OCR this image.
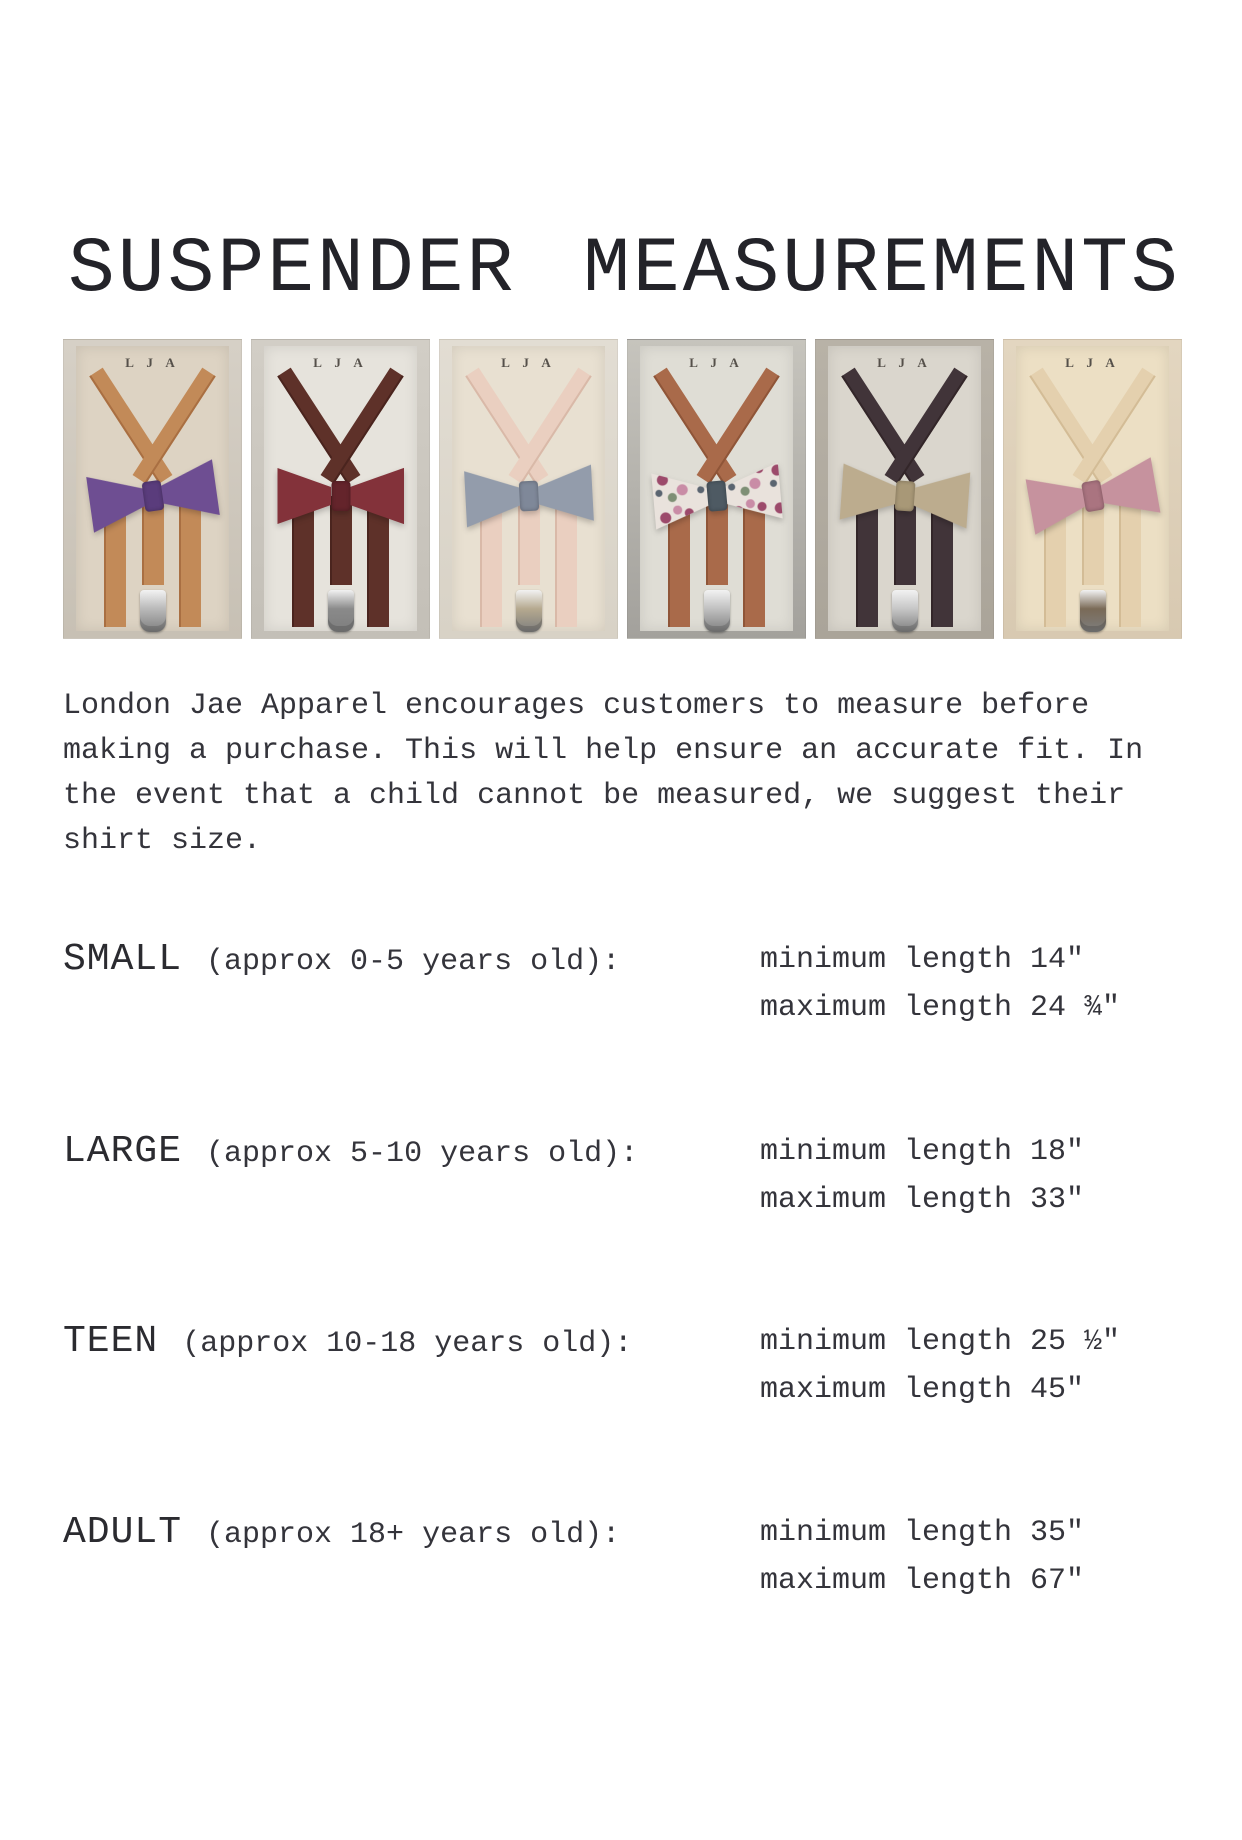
SUSPENDER MEASUREMENTS
L J A	L J A	L J A	L J A	L J A	L J A
London Jae Apparel encourages customers to measure before making a purchase. This will help ensure an accurate fit. In the event that a child cannot be measured, we suggest their shirt size.
SMALL (approx 0-5 years old):	minimum length 14″
maximum length 24 ¾″
LARGE (approx 5-10 years old):	minimum length 18″
maximum length 33″
TEEN (approx 10-18 years old):	minimum length 25 ½″
maximum length 45″
ADULT (approx 18+ years old):	minimum length 35″
maximum length 67″
